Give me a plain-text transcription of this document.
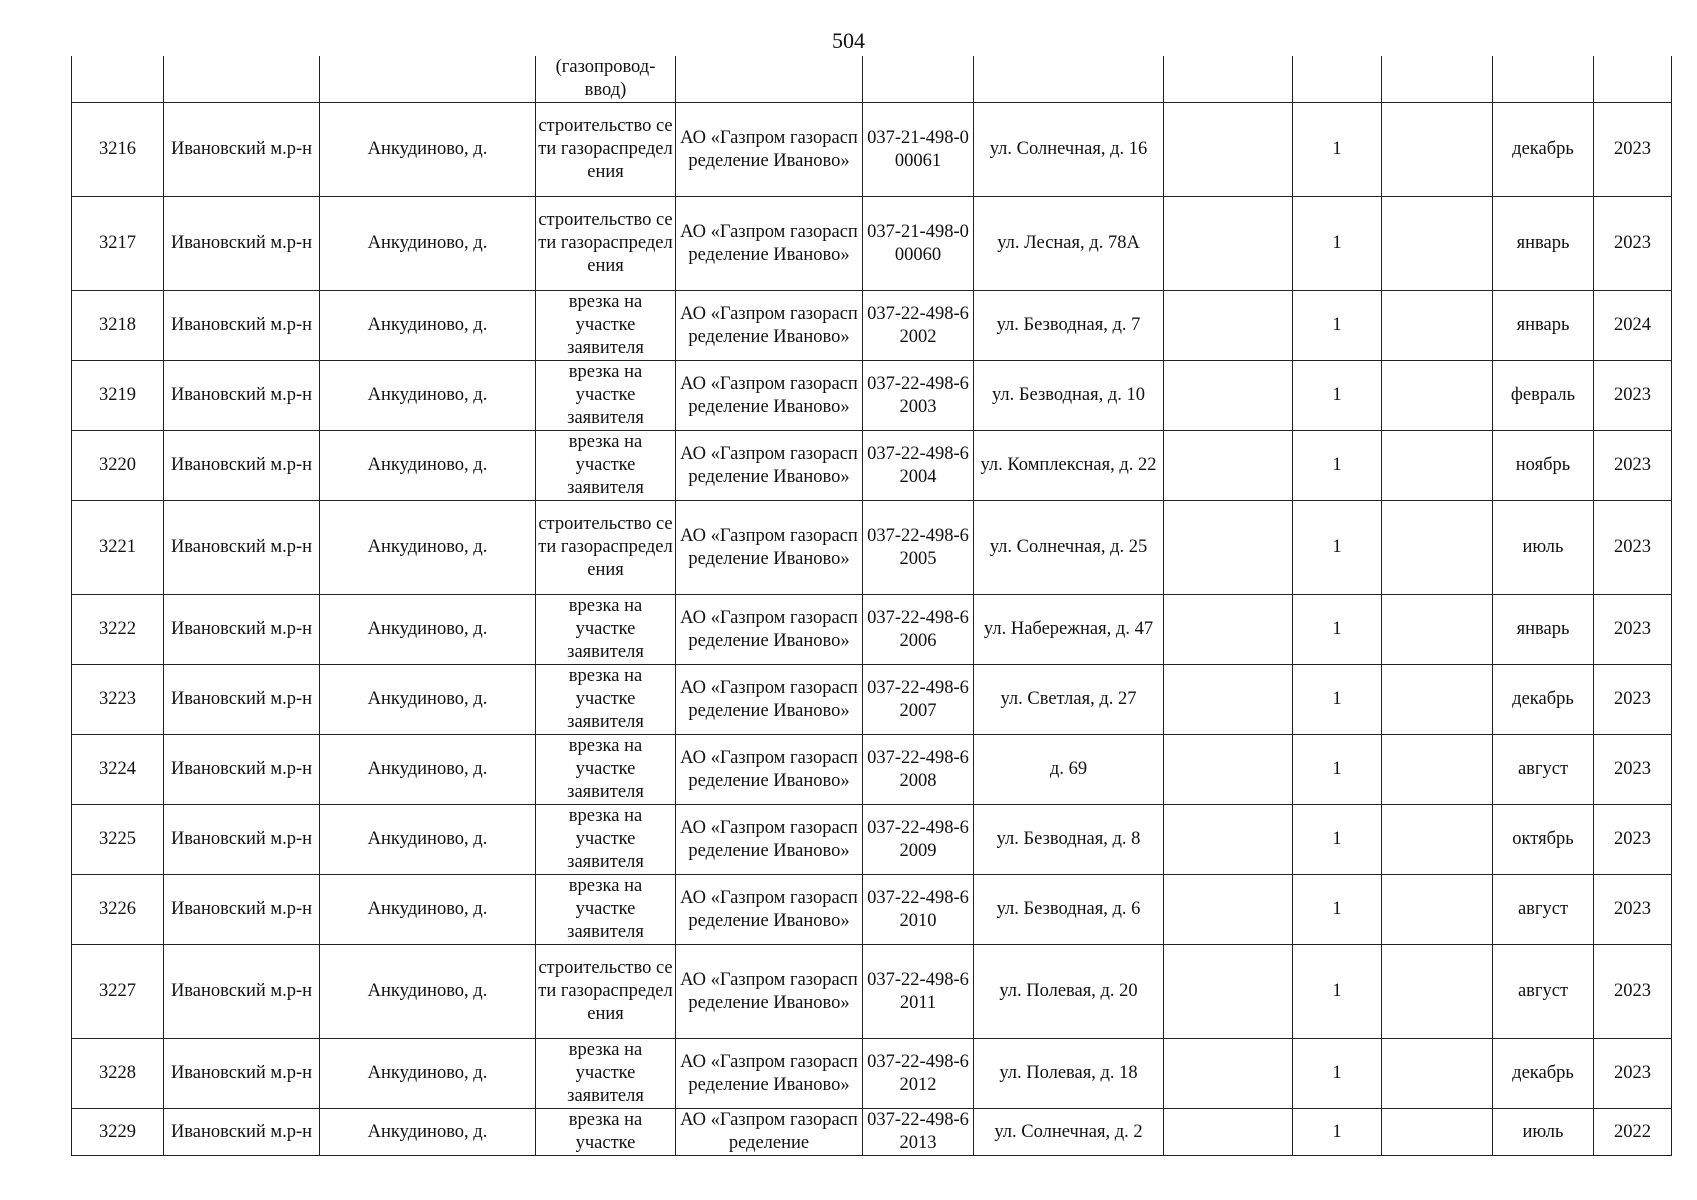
504
			(газопровод-ввод)								
3216	Ивановский м.р-н	Анкудиново, д.	строительство сети газораспределения	АО «Газпром газораспределение Иваново»	037-21-498-000061	ул. Солнечная, д. 16		1		декабрь	2023
3217	Ивановский м.р-н	Анкудиново, д.	строительство сети газораспределения	АО «Газпром газораспределение Иваново»	037-21-498-000060	ул. Лесная, д. 78А		1		январь	2023
3218	Ивановский м.р-н	Анкудиново, д.	врезка на участке заявителя	АО «Газпром газораспределение Иваново»	037-22-498-62002	ул. Безводная, д. 7		1		январь	2024
3219	Ивановский м.р-н	Анкудиново, д.	врезка на участке заявителя	АО «Газпром газораспределение Иваново»	037-22-498-62003	ул. Безводная, д. 10		1		февраль	2023
3220	Ивановский м.р-н	Анкудиново, д.	врезка на участке заявителя	АО «Газпром газораспределение Иваново»	037-22-498-62004	ул. Комплексная, д. 22		1		ноябрь	2023
3221	Ивановский м.р-н	Анкудиново, д.	строительство сети газораспределения	АО «Газпром газораспределение Иваново»	037-22-498-62005	ул. Солнечная, д. 25		1		июль	2023
3222	Ивановский м.р-н	Анкудиново, д.	врезка на участке заявителя	АО «Газпром газораспределение Иваново»	037-22-498-62006	ул. Набережная, д. 47		1		январь	2023
3223	Ивановский м.р-н	Анкудиново, д.	врезка на участке заявителя	АО «Газпром газораспределение Иваново»	037-22-498-62007	ул. Светлая, д. 27		1		декабрь	2023
3224	Ивановский м.р-н	Анкудиново, д.	врезка на участке заявителя	АО «Газпром газораспределение Иваново»	037-22-498-62008	д. 69		1		август	2023
3225	Ивановский м.р-н	Анкудиново, д.	врезка на участке заявителя	АО «Газпром газораспределение Иваново»	037-22-498-62009	ул. Безводная, д. 8		1		октябрь	2023
3226	Ивановский м.р-н	Анкудиново, д.	врезка на участке заявителя	АО «Газпром газораспределение Иваново»	037-22-498-62010	ул. Безводная, д. 6		1		август	2023
3227	Ивановский м.р-н	Анкудиново, д.	строительство сети газораспределения	АО «Газпром газораспределение Иваново»	037-22-498-62011	ул. Полевая, д. 20		1		август	2023
3228	Ивановский м.р-н	Анкудиново, д.	врезка на участке заявителя	АО «Газпром газораспределение Иваново»	037-22-498-62012	ул. Полевая, д. 18		1		декабрь	2023
3229	Ивановский м.р-н	Анкудиново, д.	врезка на участке	АО «Газпром газораспределение	037-22-498-62013	ул. Солнечная, д. 2		1		июль	2022
